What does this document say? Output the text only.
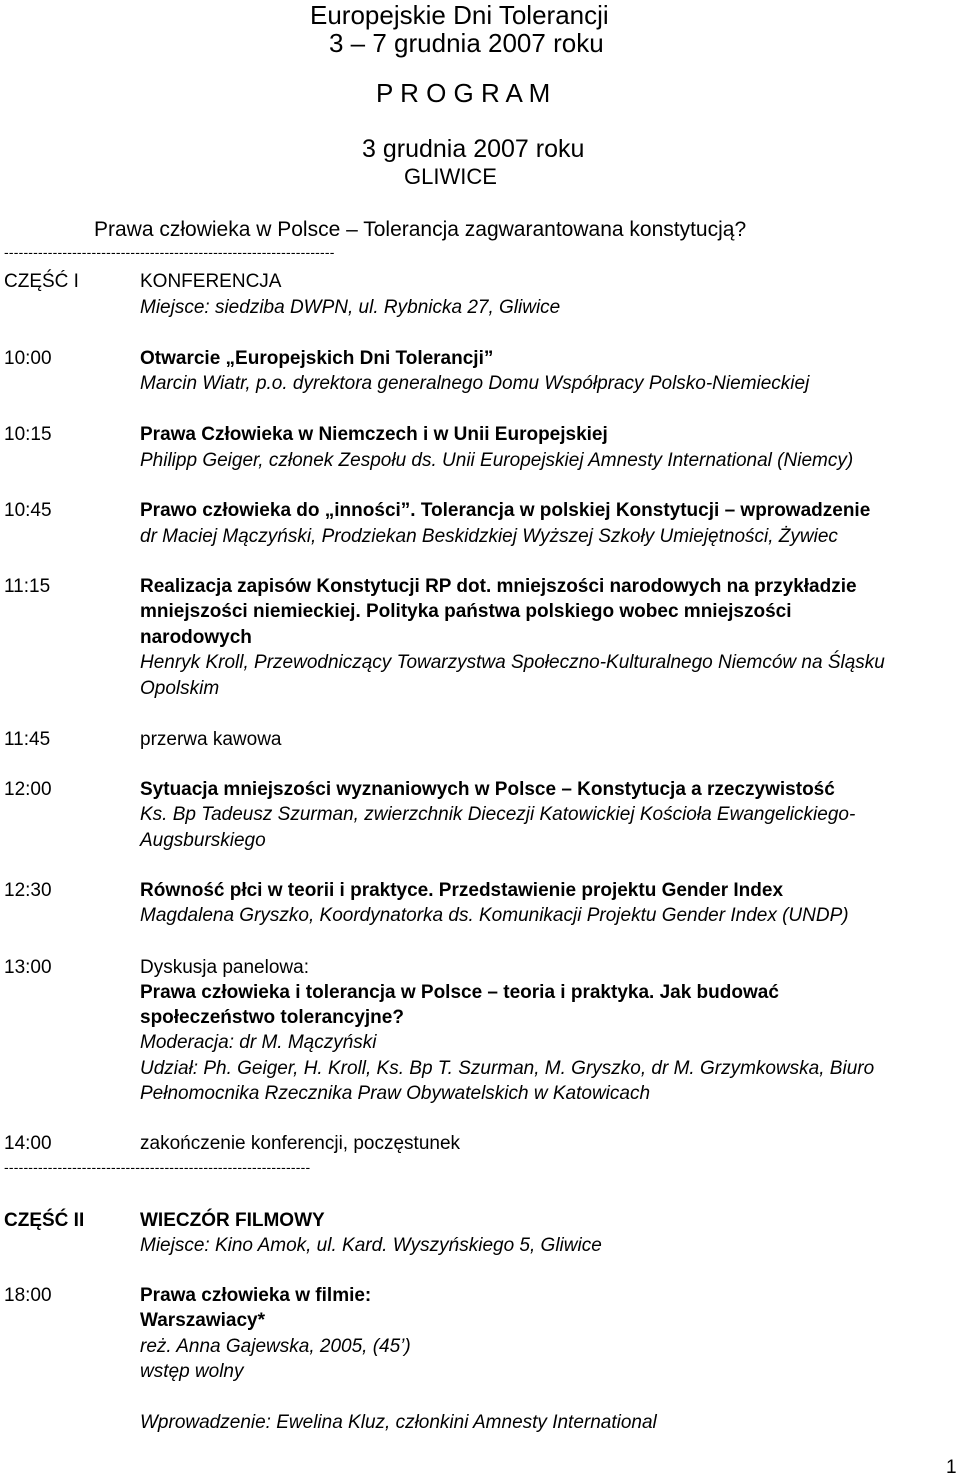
Europejskie Dni Tolerancji
3 – 7 grudnia 2007 roku
P R O G R A M
3 grudnia 2007 roku
GLIWICE
Prawa człowieka w Polsce – Tolerancja zagwarantowana konstytucją?
--------------------------------------------------------------------
CZĘŚĆ I	KONFERENCJA
Miejsce: siedziba DWPN, ul. Rybnicka 27, Gliwice
10:00	Otwarcie „Europejskich Dni Tolerancji”
Marcin Wiatr, p.o. dyrektora generalnego Domu Współpracy Polsko-Niemieckiej
10:15	Prawa Człowieka w Niemczech i w Unii Europejskiej
Philipp Geiger, członek Zespołu ds. Unii Europejskiej Amnesty International (Niemcy)
10:45	Prawo człowieka do „inności”. Tolerancja w polskiej Konstytucji – wprowadzenie
dr Maciej Mączyński, Prodziekan Beskidzkiej Wyższej Szkoły Umiejętności, Żywiec
11:15	Realizacja zapisów Konstytucji RP dot. mniejszości narodowych na przykładzie
mniejszości niemieckiej. Polityka państwa polskiego wobec mniejszości
narodowych
Henryk Kroll, Przewodniczący Towarzystwa Społeczno-Kulturalnego Niemców na Śląsku
Opolskim
11:45	przerwa kawowa
12:00	Sytuacja mniejszości wyznaniowych w Polsce – Konstytucja a rzeczywistość
Ks. Bp Tadeusz Szurman, zwierzchnik Diecezji Katowickiej Kościoła Ewangelickiego-
Augsburskiego
12:30	Równość płci w teorii i praktyce. Przedstawienie projektu Gender Index
Magdalena Gryszko, Koordynatorka ds. Komunikacji Projektu Gender Index (UNDP)
13:00	Dyskusja panelowa:
Prawa człowieka i tolerancja w Polsce – teoria i praktyka. Jak budować
społeczeństwo tolerancyjne?
Moderacja: dr M. Mączyński
Udział: Ph. Geiger, H. Kroll, Ks. Bp T. Szurman, M. Gryszko, dr M. Grzymkowska, Biuro
Pełnomocnika Rzecznika Praw Obywatelskich w Katowicach
14:00	zakończenie konferencji, poczęstunek
---------------------------------------------------------------
CZĘŚĆ II	WIECZÓR FILMOWY
Miejsce: Kino Amok, ul. Kard. Wyszyńskiego 5, Gliwice
18:00	Prawa człowieka w filmie:
Warszawiacy*
reż. Anna Gajewska, 2005, (45’)
wstęp wolny
Wprowadzenie: Ewelina Kluz, członkini Amnesty International
1
